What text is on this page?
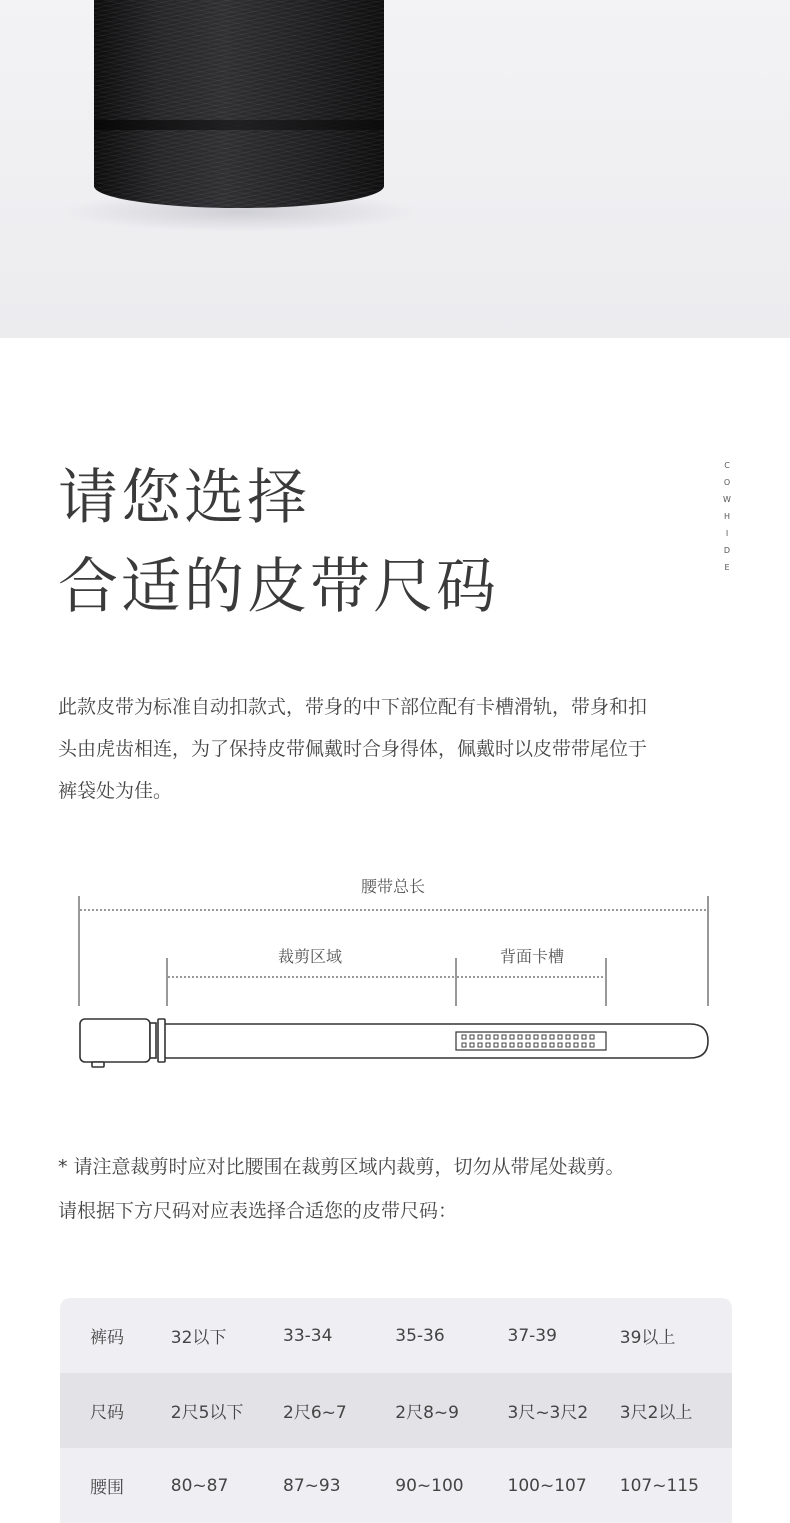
请您选择
合适的皮带尺码
C
O
W
H
I
D
E
此款皮带为标准自动扣款式，带身的中下部位配有卡槽滑轨，带身和扣
头由虎齿相连，为了保持皮带佩戴时合身得体，佩戴时以皮带带尾位于
裤袋处为佳。
腰带总长
裁剪区域	背面卡槽
* 请注意裁剪时应对比腰围在裁剪区域内裁剪，切勿从带尾处裁剪。
请根据下方尺码对应表选择合适您的皮带尺码：
裤码	32以下	33-34	35-36	37-39	39以上
尺码	2尺5以下	2尺6~7	2尺8~9	3尺~3尺2	3尺2以上
腰围	80~87	87~93	90~100	100~107	107~115
